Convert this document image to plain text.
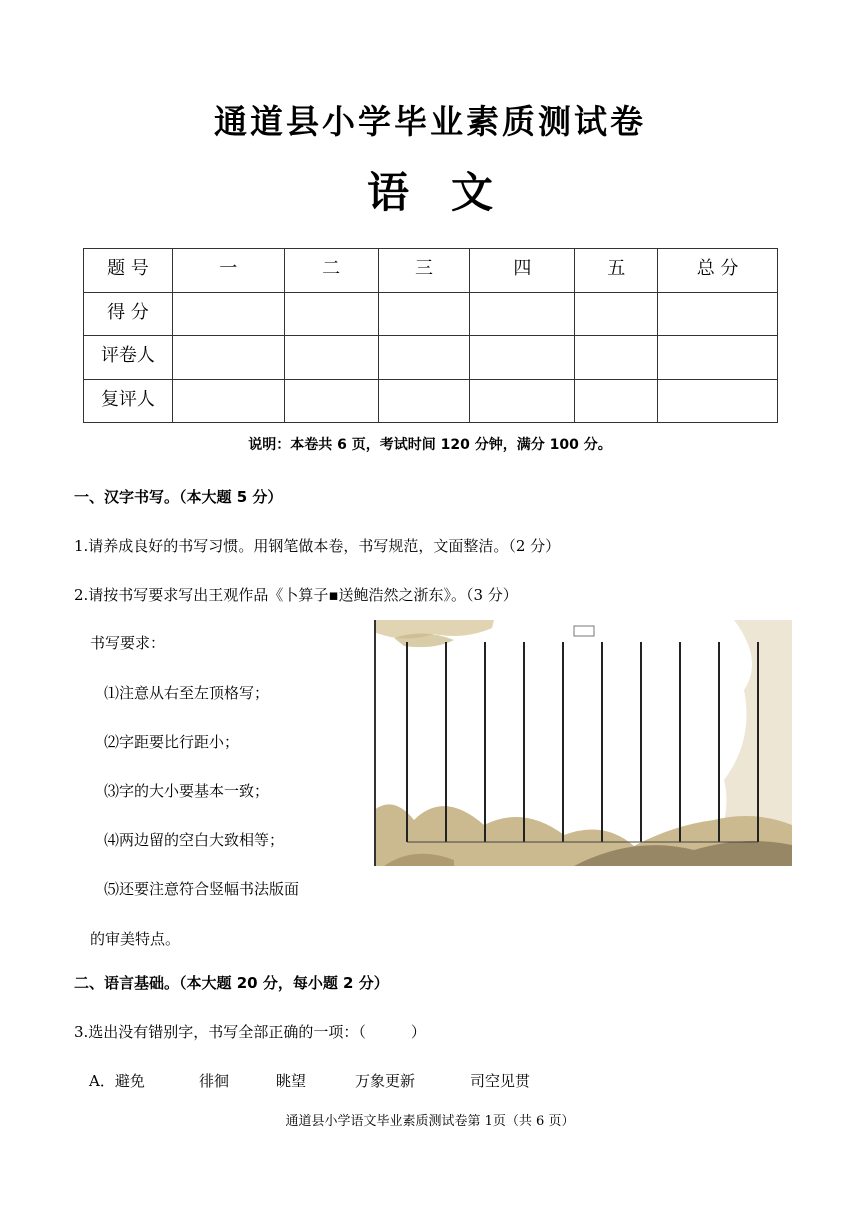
通道县小学毕业素质测试卷
语　文
题 号	一	二	三	四	五	总 分
得 分						
评卷人						
复评人						
说明：本卷共 6 页，考试时间 120 分钟，满分 100 分。
一、汉字书写。（本大题 5 分）
1.请养成良好的书写习惯。用钢笔做本卷，书写规范，文面整洁。（2 分）
2.请按书写要求写出王观作品《卜算子▪送鲍浩然之浙东》。（3 分）
书写要求：
⑴注意从右至左顶格写；
⑵字距要比行距小；
⑶字的大小要基本一致；
⑷两边留的空白大致相等；
⑸还要注意符合竖幅书法版面
的审美特点。
二、语言基础。（本大题 20 分，每小题 2 分）
3.选出没有错别字，书写全部正确的一项：（　　　）
A．避免	徘徊	眺望	万象更新	司空见贯
通道县小学语文毕业素质测试卷第 1页（共 6 页）
